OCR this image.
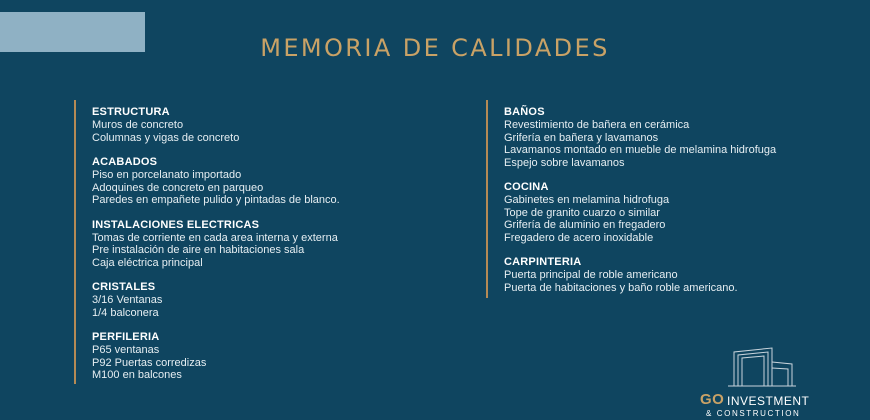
MEMORIA DE CALIDADES
ESTRUCTURA
Muros de concreto
Columnas y vigas de concreto
ACABADOS
Piso en porcelanato importado
Adoquines de concreto en parqueo
Paredes en empañete pulido y pintadas de blanco.
INSTALACIONES ELECTRICAS
Tomas de corriente en cada area interna y externa
Pre instalación de aire en habitaciones sala
Caja eléctrica principal
CRISTALES
3/16 Ventanas
1/4 balconera
PERFILERIA
P65 ventanas
P92 Puertas corredizas
M100 en balcones
BAÑOS
Revestimiento de bañera en cerámica
Grifería en bañera y lavamanos
Lavamanos montado en mueble de melamina hidrofuga
Espejo sobre lavamanos
COCINA
Gabinetes en melamina hidrofuga
Tope de granito cuarzo o similar
Grifería de aluminio en fregadero
Fregadero de acero inoxidable
CARPINTERIA
Puerta principal de roble americano
Puerta de habitaciones y baño roble americano.
GO INVESTMENT
& CONSTRUCTION
